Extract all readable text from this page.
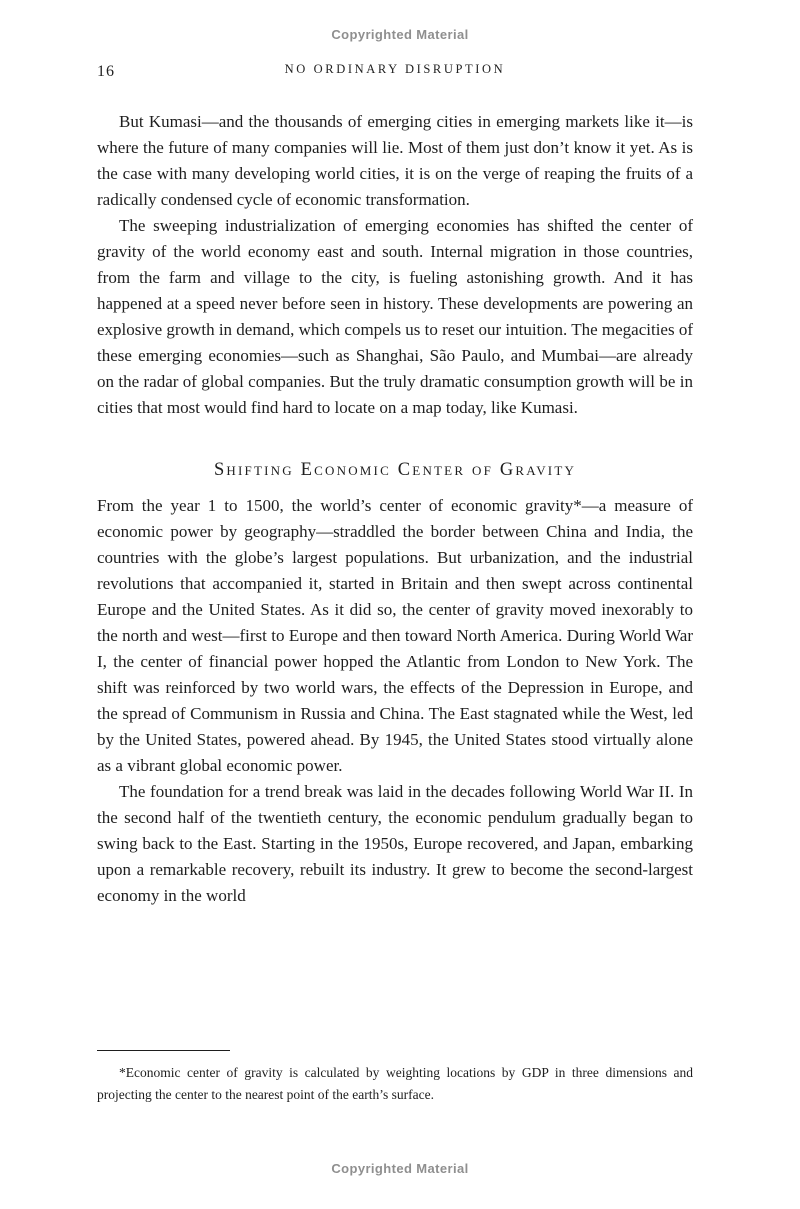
Copyrighted Material
16	NO ORDINARY DISRUPTION

But Kumasi—and the thousands of emerging cities in emerging markets like it—is where the future of many companies will lie. Most of them just don’t know it yet. As is the case with many developing world cities, it is on the verge of reaping the fruits of a radically condensed cycle of economic transformation.

The sweeping industrialization of emerging economies has shifted the center of gravity of the world economy east and south. Internal migration in those countries, from the farm and village to the city, is fueling astonishing growth. And it has happened at a speed never before seen in history. These developments are powering an explosive growth in demand, which compels us to reset our intuition. The megacities of these emerging economies—such as Shanghai, São Paulo, and Mumbai—are already on the radar of global companies. But the truly dramatic consumption growth will be in cities that most would find hard to locate on a map today, like Kumasi.

Shifting Economic Center of Gravity

From the year 1 to 1500, the world’s center of economic gravity*—a measure of economic power by geography—straddled the border between China and India, the countries with the globe’s largest populations. But urbanization, and the industrial revolutions that accompanied it, started in Britain and then swept across continental Europe and the United States. As it did so, the center of gravity moved inexorably to the north and west—first to Europe and then toward North America. During World War I, the center of financial power hopped the Atlantic from London to New York. The shift was reinforced by two world wars, the effects of the Depression in Europe, and the spread of Communism in Russia and China. The East stagnated while the West, led by the United States, powered ahead. By 1945, the United States stood virtually alone as a vibrant global economic power.

The foundation for a trend break was laid in the decades following World War II. In the second half of the twentieth century, the economic pendulum gradually began to swing back to the East. Starting in the 1950s, Europe recovered, and Japan, embarking upon a remarkable recovery, rebuilt its industry. It grew to become the second-largest economy in the world

*Economic center of gravity is calculated by weighting locations by GDP in three dimensions and projecting the center to the nearest point of the earth’s surface.

Copyrighted Material
